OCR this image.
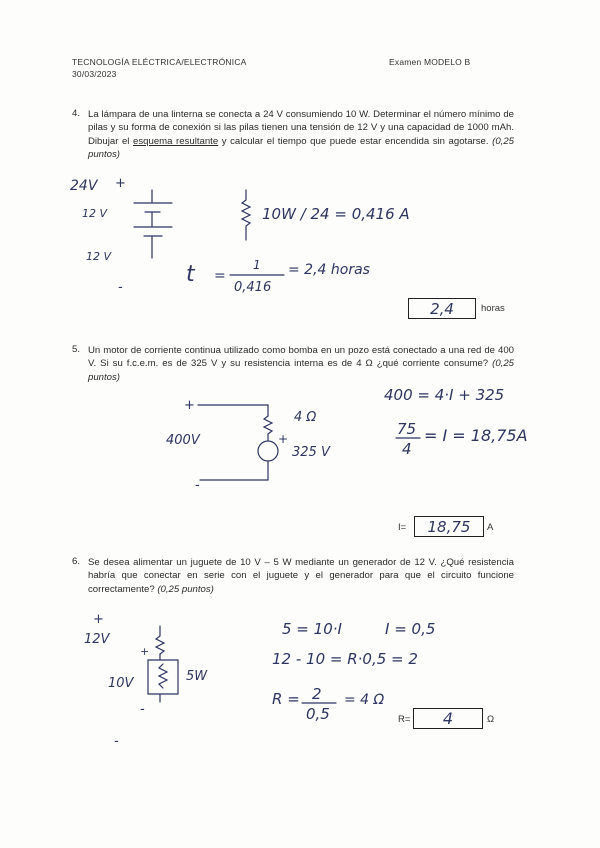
TECNOLOGÍA ELÉCTRICA/ELECTRÓNICA
30/03/2023
Examen MODELO B
4. La lámpara de una linterna se conecta a 24 V consumiendo 10 W. Determinar el número mínimo de pilas y su forma de conexión si las pilas tienen una tensión de 12 V y una capacidad de 1000 mAh. Dibujar el esquema resultante y calcular el tiempo que puede estar encendida sin agotarse. (0,25 puntos)
24V +
12 V
12 V
-
10W / 24 = 0,416 A
t =
1
0,416
= 2,4 horas
2,4	horas
5. Un motor de corriente continua utilizado como bomba en un pozo está conectado a una red de 400 V. Si su f.c.e.m. es de 325 V y su resistencia interna es de 4 Ω ¿qué corriente consume? (0,25 puntos)
+
-
4 Ω
400V	+
325 V
400 = 4·I + 325
75
4
= I = 18,75A
I= 18,75 A
6. Se desea alimentar un juguete de 10 V – 5 W mediante un generador de 12 V. ¿Qué resistencia habría que conectar en serie con el juguete y el generador para que el circuito funcione correctamente? (0,25 puntos)
+
12V
+
10V	5W
-
-
5 = 10·I	I = 0,5
12 - 10 = R·0,5 = 2
R = 2
0,5
= 4 Ω
R= 4	Ω
